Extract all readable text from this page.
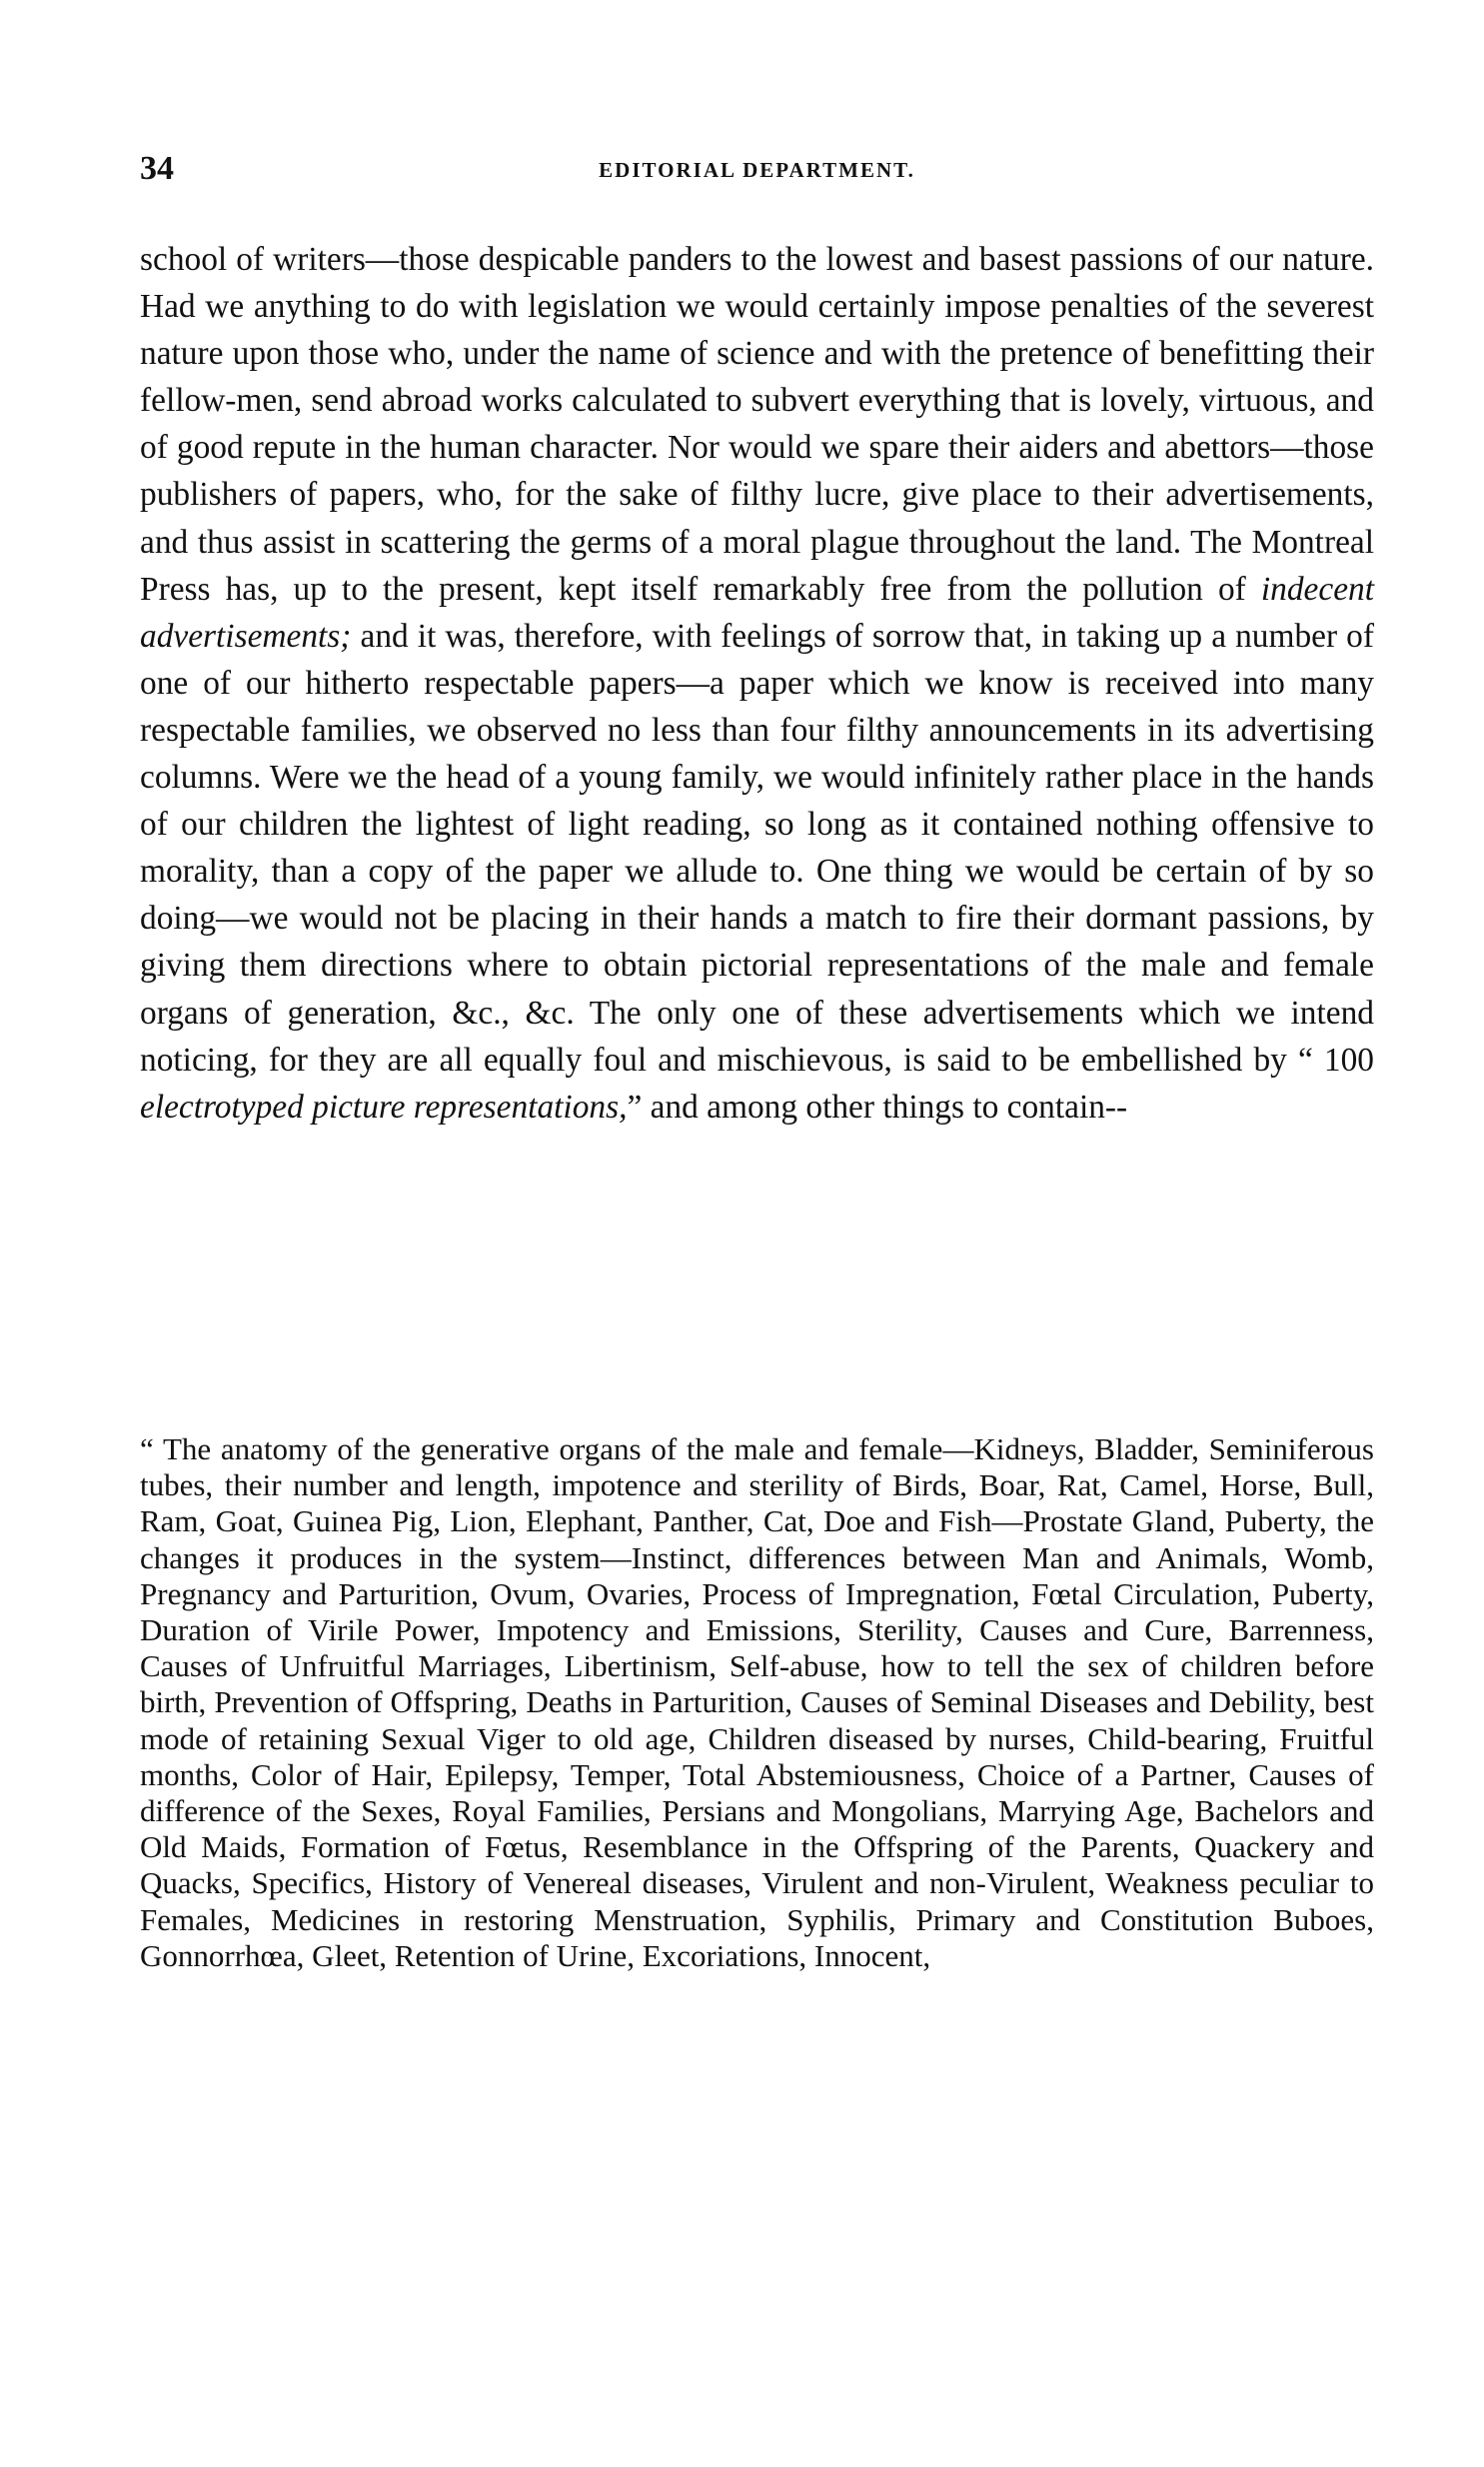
34	EDITORIAL DEPARTMENT.

school of writers—those despicable panders to the lowest and basest passions of our nature. Had we anything to do with legislation we would certainly impose penalties of the severest nature upon those who, under the name of science and with the pretence of benefitting their fellow-men, send abroad works calculated to subvert everything that is lovely, virtuous, and of good repute in the human character. Nor would we spare their aiders and abettors—those publishers of papers, who, for the sake of filthy lucre, give place to their advertisements, and thus assist in scattering the germs of a moral plague throughout the land. The Montreal Press has, up to the present, kept itself remarkably free from the pollution of indecent advertisements; and it was, therefore, with feelings of sorrow that, in taking up a number of one of our hitherto respectable papers—a paper which we know is received into many respectable families, we observed no less than four filthy announcements in its advertising columns. Were we the head of a young family, we would infinitely rather place in the hands of our children the lightest of light reading, so long as it contained nothing offensive to morality, than a copy of the paper we allude to. One thing we would be certain of by so doing—we would not be placing in their hands a match to fire their dormant passions, by giving them directions where to obtain pictorial representations of the male and female organs of generation, &c., &c. The only one of these advertisements which we intend noticing, for they are all equally foul and mischievous, is said to be embellished by “ 100 electrotyped picture representations,” and among other things to contain--

“ The anatomy of the generative organs of the male and female—Kidneys, Bladder, Seminiferous tubes, their number and length, impotence and sterility of Birds, Boar, Rat, Camel, Horse, Bull, Ram, Goat, Guinea Pig, Lion, Elephant, Panther, Cat, Doe and Fish—Prostate Gland, Puberty, the changes it produces in the system—Instinct, differences between Man and Animals, Womb, Pregnancy and Parturition, Ovum, Ovaries, Process of Impregnation, Fœtal Circulation, Puberty, Duration of Virile Power, Impotency and Emissions, Sterility, Causes and Cure, Barrenness, Causes of Unfruitful Marriages, Libertinism, Self-abuse, how to tell the sex of children before birth, Prevention of Offspring, Deaths in Parturition, Causes of Seminal Diseases and Debility, best mode of retaining Sexual Viger to old age, Children diseased by nurses, Child-bearing, Fruitful months, Color of Hair, Epilepsy, Temper, Total Abstemiousness, Choice of a Partner, Causes of difference of the Sexes, Royal Families, Persians and Mongolians, Marrying Age, Bachelors and Old Maids, Formation of Fœtus, Resemblance in the Offspring of the Parents, Quackery and Quacks, Specifics, History of Venereal diseases, Virulent and non-Virulent, Weakness peculiar to Females, Medicines in restoring Menstruation, Syphilis, Primary and Constitution Buboes, Gonnorrhœa, Gleet, Retention of Urine, Excoriations, Innocent,
